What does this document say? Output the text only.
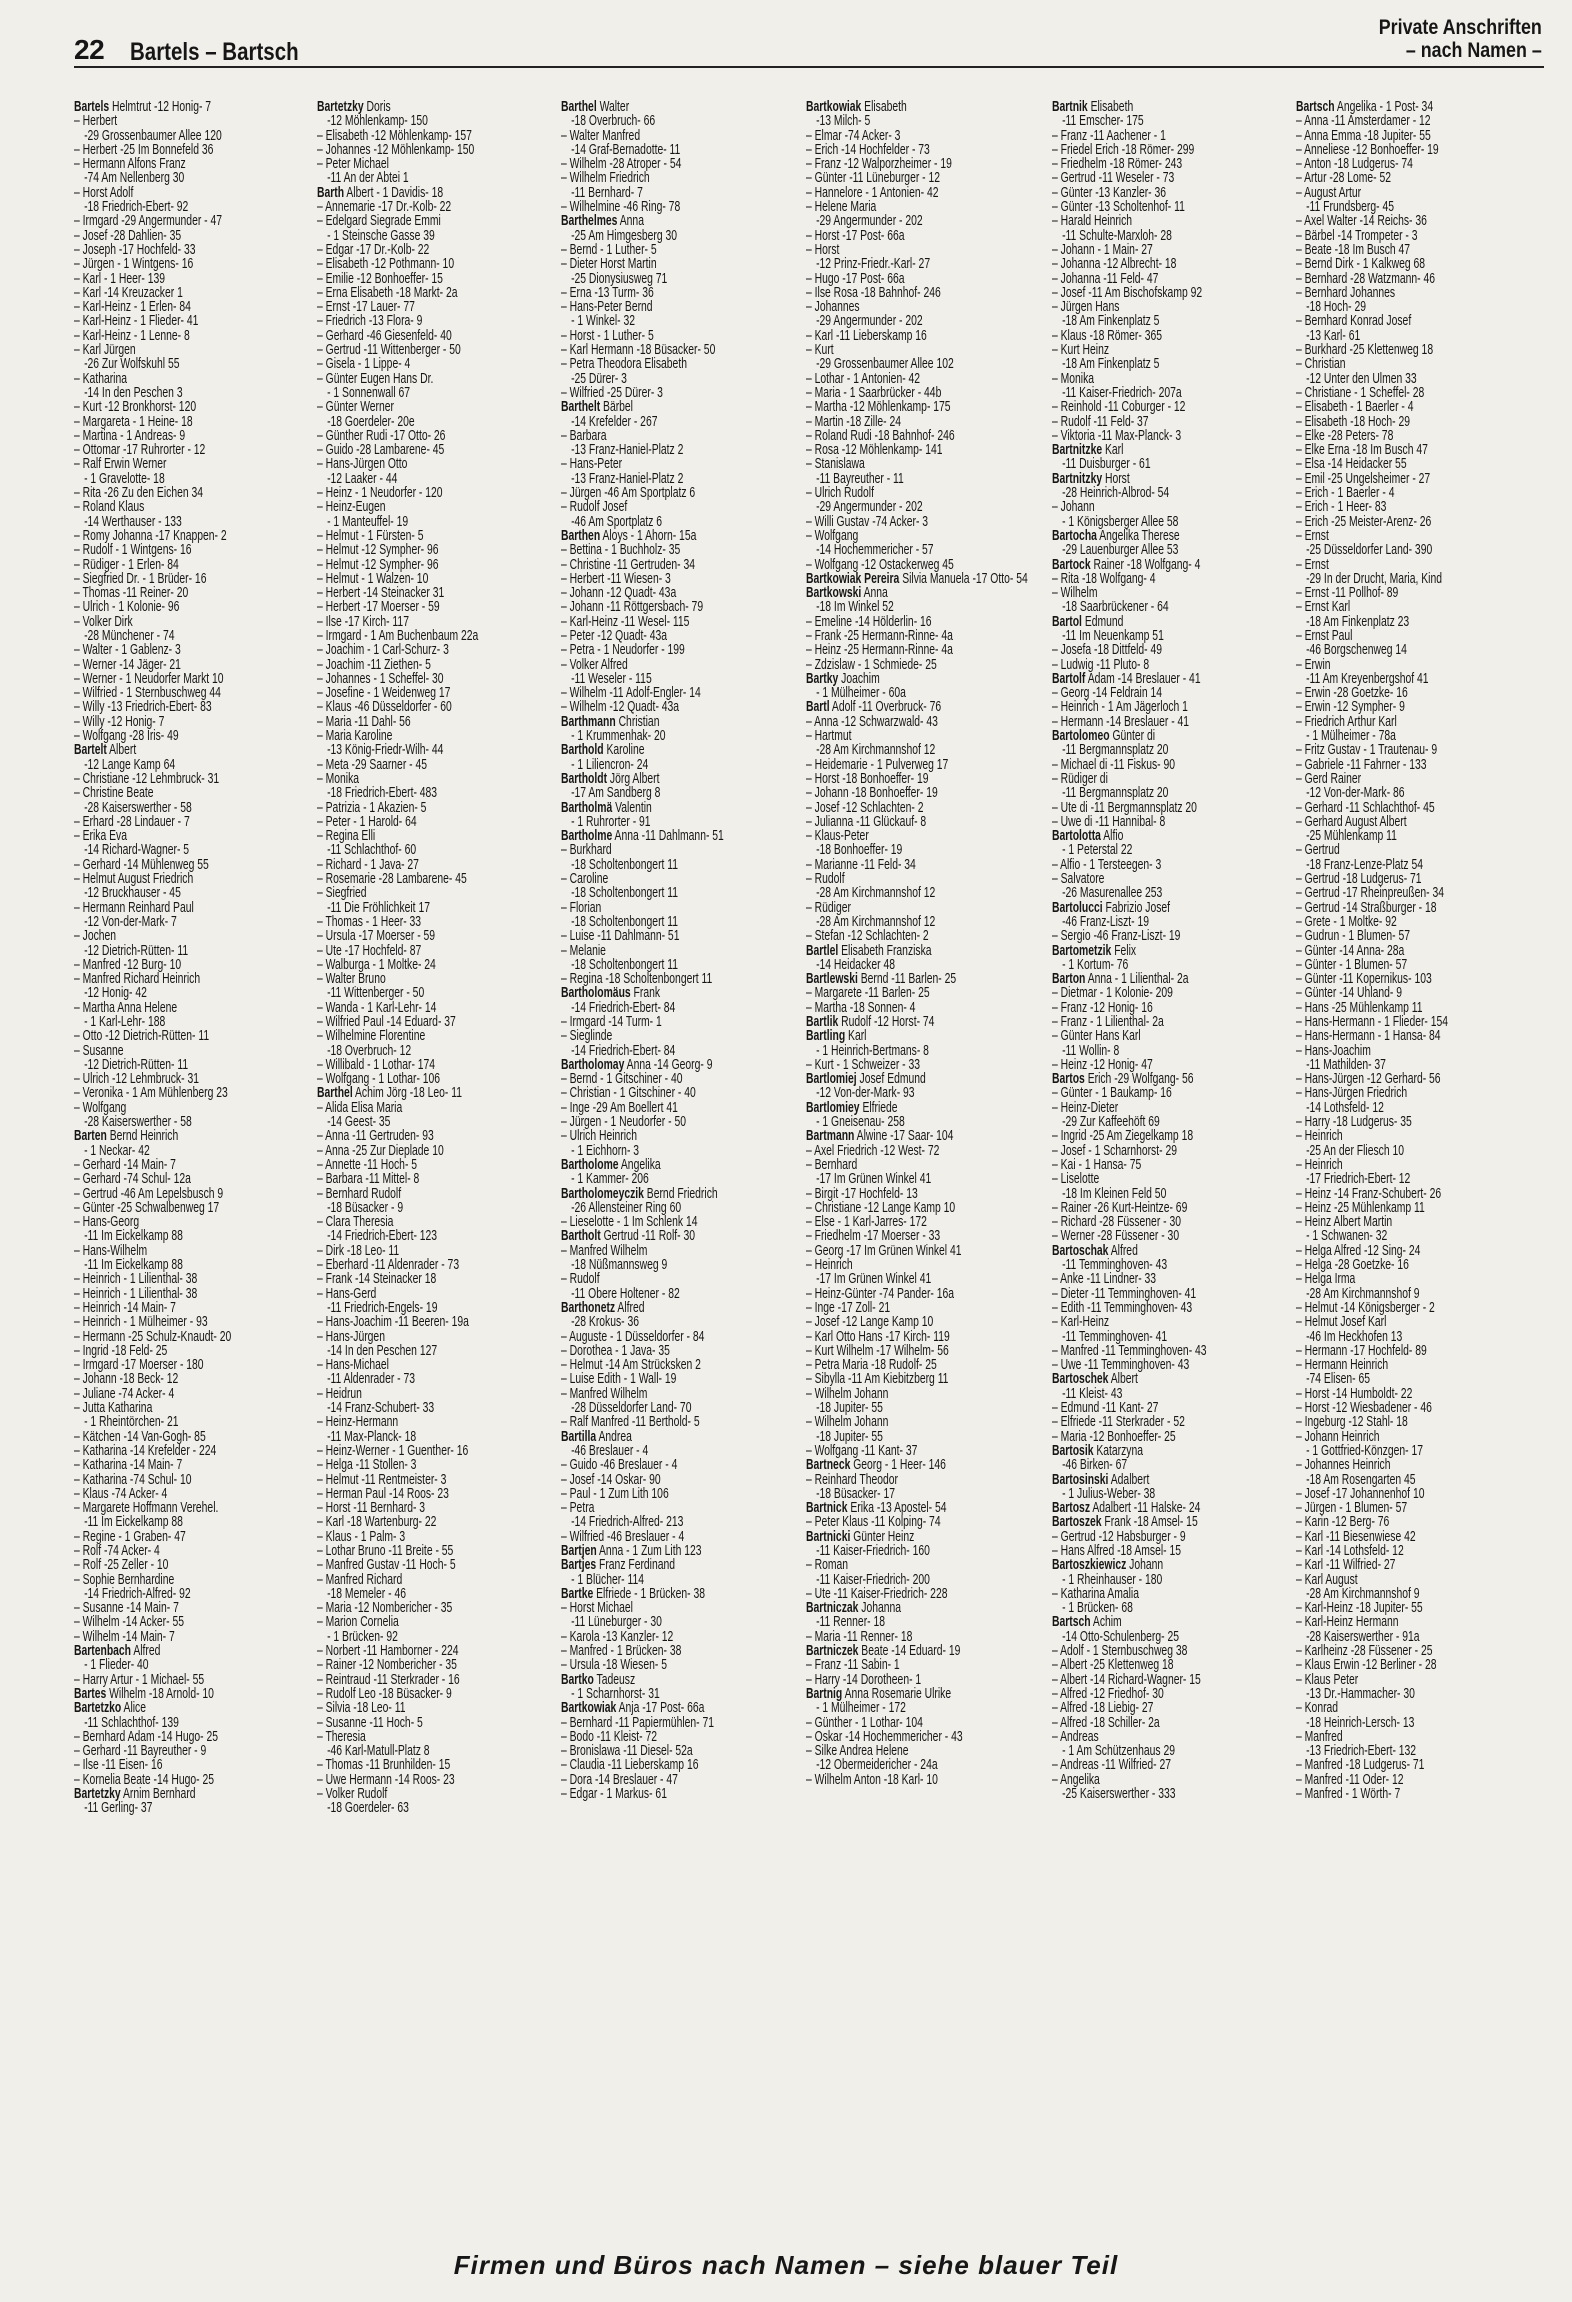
22 Bartels – Bartsch
Private Anschriften
– nach Namen –
Bartels Helmtrut -12 Honig- 7
– Herbert
-29 Grossenbaumer Allee 120
– Herbert -25 Im Bonnefeld 36
– Hermann Alfons Franz
-74 Am Nellenberg 30
– Horst Adolf
-18 Friedrich-Ebert- 92
– Irmgard -29 Angermunder - 47
– Josef -28 Dahlien- 35
– Joseph -17 Hochfeld- 33
– Jürgen - 1 Wintgens- 16
– Karl - 1 Heer- 139
– Karl -14 Kreuzacker 1
– Karl-Heinz - 1 Erlen- 84
– Karl-Heinz - 1 Flieder- 41
– Karl-Heinz - 1 Lenne- 8
– Karl Jürgen
-26 Zur Wolfskuhl 55
– Katharina
-14 In den Peschen 3
– Kurt -12 Bronkhorst- 120
– Margareta - 1 Heine- 18
– Martina - 1 Andreas- 9
– Ottomar -17 Ruhrorter - 12
– Ralf Erwin Werner
- 1 Gravelotte- 18
– Rita -26 Zu den Eichen 34
– Roland Klaus
-14 Werthauser - 133
– Romy Johanna -17 Knappen- 2
– Rudolf - 1 Wintgens- 16
– Rüdiger - 1 Erlen- 84
– Siegfried Dr. - 1 Brüder- 16
– Thomas -11 Reiner- 20
– Ulrich - 1 Kolonie- 96
– Volker Dirk
-28 Münchener - 74
– Walter - 1 Gablenz- 3
– Werner -14 Jäger- 21
– Werner - 1 Neudorfer Markt 10
– Wilfried - 1 Sternbuschweg 44
– Willy -13 Friedrich-Ebert- 83
– Willy -12 Honig- 7
– Wolfgang -28 Iris- 49
Bartelt Albert
-12 Lange Kamp 64
– Christiane -12 Lehmbruck- 31
– Christine Beate
-28 Kaiserswerther - 58
– Erhard -28 Lindauer - 7
– Erika Eva
-14 Richard-Wagner- 5
– Gerhard -14 Mühlenweg 55
– Helmut August Friedrich
-12 Bruckhauser - 45
– Hermann Reinhard Paul
-12 Von-der-Mark- 7
– Jochen
-12 Dietrich-Rütten- 11
– Manfred -12 Burg- 10
– Manfred Richard Heinrich
-12 Honig- 42
– Martha Anna Helene
- 1 Karl-Lehr- 188
– Otto -12 Dietrich-Rütten- 11
– Susanne
-12 Dietrich-Rütten- 11
– Ulrich -12 Lehmbruck- 31
– Veronika - 1 Am Mühlenberg 23
– Wolfgang
-28 Kaiserswerther - 58
Barten Bernd Heinrich
- 1 Neckar- 42
– Gerhard -14 Main- 7
– Gerhard -74 Schul- 12a
– Gertrud -46 Am Lepelsbusch 9
– Günter -25 Schwalbenweg 17
– Hans-Georg
-11 Im Eickelkamp 88
– Hans-Wilhelm
-11 Im Eickelkamp 88
– Heinrich - 1 Lilienthal- 38
– Heinrich - 1 Lilienthal- 38
– Heinrich -14 Main- 7
– Heinrich - 1 Mülheimer - 93
– Hermann -25 Schulz-Knaudt- 20
– Ingrid -18 Feld- 25
– Irmgard -17 Moerser - 180
– Johann -18 Beck- 12
– Juliane -74 Acker- 4
– Jutta Katharina
- 1 Rheintörchen- 21
– Kätchen -14 Van-Gogh- 85
– Katharina -14 Krefelder - 224
– Katharina -14 Main- 7
– Katharina -74 Schul- 10
– Klaus -74 Acker- 4
– Margarete Hoffmann Verehel.
-11 Im Eickelkamp 88
– Regine - 1 Graben- 47
– Rolf -74 Acker- 4
– Rolf -25 Zeller - 10
– Sophie Bernhardine
-14 Friedrich-Alfred- 92
– Susanne -14 Main- 7
– Wilhelm -14 Acker- 55
– Wilhelm -14 Main- 7
Bartenbach Alfred
- 1 Flieder- 40
– Harry Artur - 1 Michael- 55
Bartes Wilhelm -18 Arnold- 10
Bartetzko Alice
-11 Schlachthof- 139
– Bernhard Adam -14 Hugo- 25
– Gerhard -11 Bayreuther - 9
– Ilse -11 Eisen- 16
– Kornelia Beate -14 Hugo- 25
Bartetzky Arnim Bernhard
-11 Gerling- 37
Bartetzky Doris
-12 Möhlenkamp- 150
– Elisabeth -12 Möhlenkamp- 157
– Johannes -12 Möhlenkamp- 150
– Peter Michael
-11 An der Abtei 1
Barth Albert - 1 Davidis- 18
– Annemarie -17 Dr.-Kolb- 22
– Edelgard Siegrade Emmi
- 1 Steinsche Gasse 39
– Edgar -17 Dr.-Kolb- 22
– Elisabeth -12 Pothmann- 10
– Emilie -12 Bonhoeffer- 15
– Erna Elisabeth -18 Markt- 2a
– Ernst -17 Lauer- 77
– Friedrich -13 Flora- 9
– Gerhard -46 Giesenfeld- 40
– Gertrud -11 Wittenberger - 50
– Gisela - 1 Lippe- 4
– Günter Eugen Hans Dr.
- 1 Sonnenwall 67
– Günter Werner
-18 Goerdeler- 20e
– Günther Rudi -17 Otto- 26
– Guido -28 Lambarene- 45
– Hans-Jürgen Otto
-12 Laaker - 44
– Heinz - 1 Neudorfer - 120
– Heinz-Eugen
- 1 Manteuffel- 19
– Helmut - 1 Fürsten- 5
– Helmut -12 Sympher- 96
– Helmut -12 Sympher- 96
– Helmut - 1 Walzen- 10
– Herbert -14 Steinacker 31
– Herbert -17 Moerser - 59
– Ilse -17 Kirch- 117
– Irmgard - 1 Am Buchenbaum 22a
– Joachim - 1 Carl-Schurz- 3
– Joachim -11 Ziethen- 5
– Johannes - 1 Scheffel- 30
– Josefine - 1 Weidenweg 17
– Klaus -46 Düsseldorfer - 60
– Maria -11 Dahl- 56
– Maria Karoline
-13 König-Friedr-Wilh- 44
– Meta -29 Saarner - 45
– Monika
-18 Friedrich-Ebert- 483
– Patrizia - 1 Akazien- 5
– Peter - 1 Harold- 64
– Regina Elli
-11 Schlachthof- 60
– Richard - 1 Java- 27
– Rosemarie -28 Lambarene- 45
– Siegfried
-11 Die Fröhlichkeit 17
– Thomas - 1 Heer- 33
– Ursula -17 Moerser - 59
– Ute -17 Hochfeld- 87
– Walburga - 1 Moltke- 24
– Walter Bruno
-11 Wittenberger - 50
– Wanda - 1 Karl-Lehr- 14
– Wilfried Paul -14 Eduard- 37
– Wilhelmine Florentine
-18 Overbruch- 12
– Willibald - 1 Lothar- 174
– Wolfgang - 1 Lothar- 106
Barthel Achim Jörg -18 Leo- 11
– Alida Elisa Maria
-14 Geest- 35
– Anna -11 Gertruden- 93
– Anna -25 Zur Dieplade 10
– Annette -11 Hoch- 5
– Barbara -11 Mittel- 8
– Bernhard Rudolf
-18 Büsacker - 9
– Clara Theresia
-14 Friedrich-Ebert- 123
– Dirk -18 Leo- 11
– Eberhard -11 Aldenrader - 73
– Frank -14 Steinacker 18
– Hans-Gerd
-11 Friedrich-Engels- 19
– Hans-Joachim -11 Beeren- 19a
– Hans-Jürgen
-14 In den Peschen 127
– Hans-Michael
-11 Aldenrader - 73
– Heidrun
-14 Franz-Schubert- 33
– Heinz-Hermann
-11 Max-Planck- 18
– Heinz-Werner - 1 Guenther- 16
– Helga -11 Stollen- 3
– Helmut -11 Rentmeister- 3
– Herman Paul -14 Roos- 23
– Horst -11 Bernhard- 3
– Karl -18 Wartenburg- 22
– Klaus - 1 Palm- 3
– Lothar Bruno -11 Breite - 55
– Manfred Gustav -11 Hoch- 5
– Manfred Richard
-18 Memeler - 46
– Maria -12 Nombericher - 35
– Marion Cornelia
- 1 Brücken- 92
– Norbert -11 Hamborner - 224
– Rainer -12 Nombericher - 35
– Reintraud -11 Sterkrader - 16
– Rudolf Leo -18 Büsacker- 9
– Silvia -18 Leo- 11
– Susanne -11 Hoch- 5
– Theresia
-46 Karl-Matull-Platz 8
– Thomas -11 Brunhilden- 15
– Uwe Hermann -14 Roos- 23
– Volker Rudolf
-18 Goerdeler- 63
Barthel Walter
-18 Overbruch- 66
– Walter Manfred
-14 Graf-Bernadotte- 11
– Wilhelm -28 Atroper - 54
– Wilhelm Friedrich
-11 Bernhard- 7
– Wilhelmine -46 Ring- 78
Barthelmes Anna
-25 Am Himgesberg 30
– Bernd - 1 Luther- 5
– Dieter Horst Martin
-25 Dionysiusweg 71
– Erna -13 Turm- 36
– Hans-Peter Bernd
- 1 Winkel- 32
– Horst - 1 Luther- 5
– Karl Hermann -18 Büsacker- 50
– Petra Theodora Elisabeth
-25 Dürer- 3
– Wilfried -25 Dürer- 3
Barthelt Bärbel
-14 Krefelder - 267
– Barbara
-13 Franz-Haniel-Platz 2
– Hans-Peter
-13 Franz-Haniel-Platz 2
– Jürgen -46 Am Sportplatz 6
– Rudolf Josef
-46 Am Sportplatz 6
Barthen Aloys - 1 Ahorn- 15a
– Bettina - 1 Buchholz- 35
– Christine -11 Gertruden- 34
– Herbert -11 Wiesen- 3
– Johann -12 Quadt- 43a
– Johann -11 Röttgersbach- 79
– Karl-Heinz -11 Wesel- 115
– Peter -12 Quadt- 43a
– Petra - 1 Neudorfer - 199
– Volker Alfred
-11 Weseler - 115
– Wilhelm -11 Adolf-Engler- 14
– Wilhelm -12 Quadt- 43a
Barthmann Christian
- 1 Krummenhak- 20
Barthold Karoline
- 1 Liliencron- 24
Bartholdt Jörg Albert
-17 Am Sandberg 8
Bartholmä Valentin
- 1 Ruhrorter - 91
Bartholme Anna -11 Dahlmann- 51
– Burkhard
-18 Scholtenbongert 11
– Caroline
-18 Scholtenbongert 11
– Florian
-18 Scholtenbongert 11
– Luise -11 Dahlmann- 51
– Melanie
-18 Scholtenbongert 11
– Regina -18 Scholtenbongert 11
Bartholomäus Frank
-14 Friedrich-Ebert- 84
– Irmgard -14 Turm- 1
– Sieglinde
-14 Friedrich-Ebert- 84
Bartholomay Anna -14 Georg- 9
– Bernd - 1 Gitschiner - 40
– Christian - 1 Gitschiner - 40
– Inge -29 Am Boellert 41
– Jürgen - 1 Neudorfer - 50
– Ulrich Heinrich
- 1 Eichhorn- 3
Bartholome Angelika
- 1 Kammer- 206
Bartholomeyczik Bernd Friedrich
-26 Allensteiner Ring 60
– Lieselotte - 1 Im Schlenk 14
Bartholt Gertrud -11 Rolf- 30
– Manfred Wilhelm
-18 Nüßmannsweg 9
– Rudolf
-11 Obere Holtener - 82
Barthonetz Alfred
-28 Krokus- 36
– Auguste - 1 Düsseldorfer - 84
– Dorothea - 1 Java- 35
– Helmut -14 Am Strücksken 2
– Luise Edith - 1 Wall- 19
– Manfred Wilhelm
-28 Düsseldorfer Land- 70
– Ralf Manfred -11 Berthold- 5
Bartilla Andrea
-46 Breslauer - 4
– Guido -46 Breslauer - 4
– Josef -14 Oskar- 90
– Paul - 1 Zum Lith 106
– Petra
-14 Friedrich-Alfred- 213
– Wilfried -46 Breslauer - 4
Bartjen Anna - 1 Zum Lith 123
Bartjes Franz Ferdinand
- 1 Blücher- 114
Bartke Elfriede - 1 Brücken- 38
– Horst Michael
-11 Lüneburger - 30
– Karola -13 Kanzler- 12
– Manfred - 1 Brücken- 38
– Ursula -18 Wiesen- 5
Bartko Tadeusz
- 1 Scharnhorst- 31
Bartkowiak Anja -17 Post- 66a
– Bernhard -11 Papiermühlen- 71
– Bodo -11 Kleist- 72
– Bronislawa -11 Diesel- 52a
– Claudia -11 Lieberskamp 16
– Dora -14 Breslauer - 47
– Edgar - 1 Markus- 61
Bartkowiak Elisabeth
-13 Milch- 5
– Elmar -74 Acker- 3
– Erich -14 Hochfelder - 73
– Franz -12 Walporzheimer - 19
– Günter -11 Lüneburger - 12
– Hannelore - 1 Antonien- 42
– Helene Maria
-29 Angermunder - 202
– Horst -17 Post- 66a
– Horst
-12 Prinz-Friedr.-Karl- 27
– Hugo -17 Post- 66a
– Ilse Rosa -18 Bahnhof- 246
– Johannes
-29 Angermunder - 202
– Karl -11 Lieberskamp 16
– Kurt
-29 Grossenbaumer Allee 102
– Lothar - 1 Antonien- 42
– Maria - 1 Saarbrücker - 44b
– Martha -12 Möhlenkamp- 175
– Martin -18 Zille- 24
– Roland Rudi -18 Bahnhof- 246
– Rosa -12 Möhlenkamp- 141
– Stanislawa
-11 Bayreuther - 11
– Ulrich Rudolf
-29 Angermunder - 202
– Willi Gustav -74 Acker- 3
– Wolfgang
-14 Hochemmericher - 57
– Wolfgang -12 Ostackerweg 45
Bartkowiak Pereira Silvia Manuela -17 Otto- 54
Bartkowski Anna
-18 Im Winkel 52
– Emeline -14 Hölderlin- 16
– Frank -25 Hermann-Rinne- 4a
– Heinz -25 Hermann-Rinne- 4a
– Zdzislaw - 1 Schmiede- 25
Bartky Joachim
- 1 Mülheimer - 60a
Bartl Adolf -11 Overbruck- 76
– Anna -12 Schwarzwald- 43
– Hartmut
-28 Am Kirchmannshof 12
– Heidemarie - 1 Pulverweg 17
– Horst -18 Bonhoeffer- 19
– Johann -18 Bonhoeffer- 19
– Josef -12 Schlachten- 2
– Julianna -11 Glückauf- 8
– Klaus-Peter
-18 Bonhoeffer- 19
– Marianne -11 Feld- 34
– Rudolf
-28 Am Kirchmannshof 12
– Rüdiger
-28 Am Kirchmannshof 12
– Stefan -12 Schlachten- 2
Bartlel Elisabeth Franziska
-14 Heidacker 48
Bartlewski Bernd -11 Barlen- 25
– Margarete -11 Barlen- 25
– Martha -18 Sonnen- 4
Bartlik Rudolf -12 Horst- 74
Bartling Karl
- 1 Heinrich-Bertmans- 8
– Kurt - 1 Schweizer - 33
Bartlomiej Josef Edmund
-12 Von-der-Mark- 93
Bartlomiey Elfriede
- 1 Gneisenau- 258
Bartmann Alwine -17 Saar- 104
– Axel Friedrich -12 West- 72
– Bernhard
-17 Im Grünen Winkel 41
– Birgit -17 Hochfeld- 13
– Christiane -12 Lange Kamp 10
– Else - 1 Karl-Jarres- 172
– Friedhelm -17 Moerser - 33
– Georg -17 Im Grünen Winkel 41
– Heinrich
-17 Im Grünen Winkel 41
– Heinz-Günter -74 Pander- 16a
– Inge -17 Zoll- 21
– Josef -12 Lange Kamp 10
– Karl Otto Hans -17 Kirch- 119
– Kurt Wilhelm -17 Wilhelm- 56
– Petra Maria -18 Rudolf- 25
– Sibylla -11 Am Kiebitzberg 11
– Wilhelm Johann
-18 Jupiter- 55
– Wilhelm Johann
-18 Jupiter- 55
– Wolfgang -11 Kant- 37
Bartneck Georg - 1 Heer- 146
– Reinhard Theodor
-18 Büsacker- 17
Bartnick Erika -13 Apostel- 54
– Peter Klaus -11 Kolping- 74
Bartnicki Günter Heinz
-11 Kaiser-Friedrich- 160
– Roman
-11 Kaiser-Friedrich- 200
– Ute -11 Kaiser-Friedrich- 228
Bartniczak Johanna
-11 Renner- 18
– Maria -11 Renner- 18
Bartniczek Beate -14 Eduard- 19
– Franz -11 Sabin- 1
– Harry -14 Dorotheen- 1
Bartnig Anna Rosemarie Ulrike
- 1 Mülheimer - 172
– Günther - 1 Lothar- 104
– Oskar -14 Hochemmericher - 43
– Silke Andrea Helene
-12 Obermeidericher - 24a
– Wilhelm Anton -18 Karl- 10
Bartnik Elisabeth
-11 Emscher- 175
– Franz -11 Aachener - 1
– Friedel Erich -18 Römer- 299
– Friedhelm -18 Römer- 243
– Gertrud -11 Weseler - 73
– Günter -13 Kanzler- 36
– Günter -13 Scholtenhof- 11
– Harald Heinrich
-11 Schulte-Marxloh- 28
– Johann - 1 Main- 27
– Johanna -12 Albrecht- 18
– Johanna -11 Feld- 47
– Josef -11 Am Bischofskamp 92
– Jürgen Hans
-18 Am Finkenplatz 5
– Klaus -18 Römer- 365
– Kurt Heinz
-18 Am Finkenplatz 5
– Monika
-11 Kaiser-Friedrich- 207a
– Reinhold -11 Coburger - 12
– Rudolf -11 Feld- 37
– Viktoria -11 Max-Planck- 3
Bartnitzke Karl
-11 Duisburger - 61
Bartnitzky Horst
-28 Heinrich-Albrod- 54
– Johann
- 1 Königsberger Allee 58
Bartocha Angelika Therese
-29 Lauenburger Allee 53
Bartock Rainer -18 Wolfgang- 4
– Rita -18 Wolfgang- 4
– Wilhelm
-18 Saarbrückener - 64
Bartol Edmund
-11 Im Neuenkamp 51
– Josefa -18 Dittfeld- 49
– Ludwig -11 Pluto- 8
Bartolf Adam -14 Breslauer - 41
– Georg -14 Feldrain 14
– Heinrich - 1 Am Jägerloch 1
– Hermann -14 Breslauer - 41
Bartolomeo Günter di
-11 Bergmannsplatz 20
– Michael di -11 Fiskus- 90
– Rüdiger di
-11 Bergmannsplatz 20
– Ute di -11 Bergmannsplatz 20
– Uwe di -11 Hannibal- 8
Bartolotta Alfio
- 1 Peterstal 22
– Alfio - 1 Tersteegen- 3
– Salvatore
-26 Masurenallee 253
Bartolucci Fabrizio Josef
-46 Franz-Liszt- 19
– Sergio -46 Franz-Liszt- 19
Bartometzik Felix
- 1 Kortum- 76
Barton Anna - 1 Lilienthal- 2a
– Dietmar - 1 Kolonie- 209
– Franz -12 Honig- 16
– Franz - 1 Lilienthal- 2a
– Günter Hans Karl
-11 Wollin- 8
– Heinz -12 Honig- 47
Bartos Erich -29 Wolfgang- 56
– Günter - 1 Baukamp- 16
– Heinz-Dieter
-29 Zur Kaffeehöft 69
– Ingrid -25 Am Ziegelkamp 18
– Josef - 1 Scharnhorst- 29
– Kai - 1 Hansa- 75
– Liselotte
-18 Im Kleinen Feld 50
– Rainer -26 Kurt-Heintze- 69
– Richard -28 Füssener - 30
– Werner -28 Füssener - 30
Bartoschak Alfred
-11 Temminghoven- 43
– Anke -11 Lindner- 33
– Dieter -11 Temminghoven- 41
– Edith -11 Temminghoven- 43
– Karl-Heinz
-11 Temminghoven- 41
– Manfred -11 Temminghoven- 43
– Uwe -11 Temminghoven- 43
Bartoschek Albert
-11 Kleist- 43
– Edmund -11 Kant- 27
– Elfriede -11 Sterkrader - 52
– Maria -12 Bonhoeffer- 25
Bartosik Katarzyna
-46 Birken- 67
Bartosinski Adalbert
- 1 Julius-Weber- 38
Bartosz Adalbert -11 Halske- 24
Bartoszek Frank -18 Amsel- 15
– Gertrud -12 Habsburger - 9
– Hans Alfred -18 Amsel- 15
Bartoszkiewicz Johann
- 1 Rheinhauser - 180
– Katharina Amalia
- 1 Brücken- 68
Bartsch Achim
-14 Otto-Schulenberg- 25
– Adolf - 1 Sternbuschweg 38
– Albert -25 Klettenweg 18
– Albert -14 Richard-Wagner- 15
– Alfred -12 Friedhof- 30
– Alfred -18 Liebig- 27
– Alfred -18 Schiller- 2a
– Andreas
- 1 Am Schützenhaus 29
– Andreas -11 Wilfried- 27
– Angelika
-25 Kaiserswerther - 333
Bartsch Angelika - 1 Post- 34
– Anna -11 Amsterdamer - 12
– Anna Emma -18 Jupiter- 55
– Anneliese -12 Bonhoeffer- 19
– Anton -18 Ludgerus- 74
– Artur -28 Lome- 52
– August Artur
-11 Frundsberg- 45
– Axel Walter -14 Reichs- 36
– Bärbel -14 Trompeter - 3
– Beate -18 Im Busch 47
– Bernd Dirk - 1 Kalkweg 68
– Bernhard -28 Watzmann- 46
– Bernhard Johannes
-18 Hoch- 29
– Bernhard Konrad Josef
-13 Karl- 61
– Burkhard -25 Klettenweg 18
– Christian
-12 Unter den Ulmen 33
– Christiane - 1 Scheffel- 28
– Elisabeth - 1 Baerler - 4
– Elisabeth -18 Hoch- 29
– Elke -28 Peters- 78
– Elke Erna -18 Im Busch 47
– Elsa -14 Heidacker 55
– Emil -25 Ungelsheimer - 27
– Erich - 1 Baerler - 4
– Erich - 1 Heer- 83
– Erich -25 Meister-Arenz- 26
– Ernst
-25 Düsseldorfer Land- 390
– Ernst
-29 In der Drucht, Maria, Kind
– Ernst -11 Pollhof- 89
– Ernst Karl
-18 Am Finkenplatz 23
– Ernst Paul
-46 Borgschenweg 14
– Erwin
-11 Am Kreyenbergshof 41
– Erwin -28 Goetzke- 16
– Erwin -12 Sympher- 9
– Friedrich Arthur Karl
- 1 Mülheimer - 78a
– Fritz Gustav - 1 Trautenau- 9
– Gabriele -11 Fahrner - 133
– Gerd Rainer
-12 Von-der-Mark- 86
– Gerhard -11 Schlachthof- 45
– Gerhard August Albert
-25 Mühlenkamp 11
– Gertrud
-18 Franz-Lenze-Platz 54
– Gertrud -18 Ludgerus- 71
– Gertrud -17 Rheinpreußen- 34
– Gertrud -14 Straßburger - 18
– Grete - 1 Moltke- 92
– Gudrun - 1 Blumen- 57
– Günter -14 Anna- 28a
– Günter - 1 Blumen- 57
– Günter -11 Kopernikus- 103
– Günter -14 Uhland- 9
– Hans -25 Mühlenkamp 11
– Hans-Hermann - 1 Flieder- 154
– Hans-Hermann - 1 Hansa- 84
– Hans-Joachim
-11 Mathilden- 37
– Hans-Jürgen -12 Gerhard- 56
– Hans-Jürgen Friedrich
-14 Lothsfeld- 12
– Harry -18 Ludgerus- 35
– Heinrich
-25 An der Fliesch 10
– Heinrich
-17 Friedrich-Ebert- 12
– Heinz -14 Franz-Schubert- 26
– Heinz -25 Mühlenkamp 11
– Heinz Albert Martin
- 1 Schwanen- 32
– Helga Alfred -12 Sing- 24
– Helga -28 Goetzke- 16
– Helga Irma
-28 Am Kirchmannshof 9
– Helmut -14 Königsberger - 2
– Helmut Josef Karl
-46 Im Heckhofen 13
– Hermann -17 Hochfeld- 89
– Hermann Heinrich
-74 Elisen- 65
– Horst -14 Humboldt- 22
– Horst -12 Wiesbadener - 46
– Ingeburg -12 Stahl- 18
– Johann Heinrich
- 1 Gottfried-Könzgen- 17
– Johannes Heinrich
-18 Am Rosengarten 45
– Josef -17 Johannenhof 10
– Jürgen - 1 Blumen- 57
– Karin -12 Berg- 76
– Karl -11 Biesenwiese 42
– Karl -14 Lothsfeld- 12
– Karl -11 Wilfried- 27
– Karl August
-28 Am Kirchmannshof 9
– Karl-Heinz -18 Jupiter- 55
– Karl-Heinz Hermann
-28 Kaiserswerther - 91a
– Karlheinz -28 Füssener - 25
– Klaus Erwin -12 Berliner - 28
– Klaus Peter
-13 Dr.-Hammacher- 30
– Konrad
-18 Heinrich-Lersch- 13
– Manfred
-13 Friedrich-Ebert- 132
– Manfred -18 Ludgerus- 71
– Manfred -11 Oder- 12
– Manfred - 1 Wörth- 7
Firmen und Büros nach Namen – siehe blauer Teil
